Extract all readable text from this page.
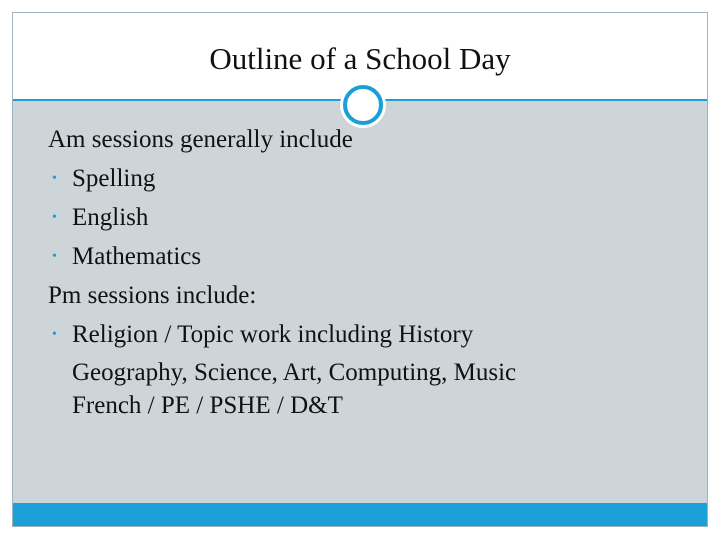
Outline of a School Day
Am sessions generally include
• Spelling
• English
• Mathematics
Pm sessions include:
• Religion / Topic work including History
Geography, Science, Art, Computing, Music
French / PE / PSHE / D&T
